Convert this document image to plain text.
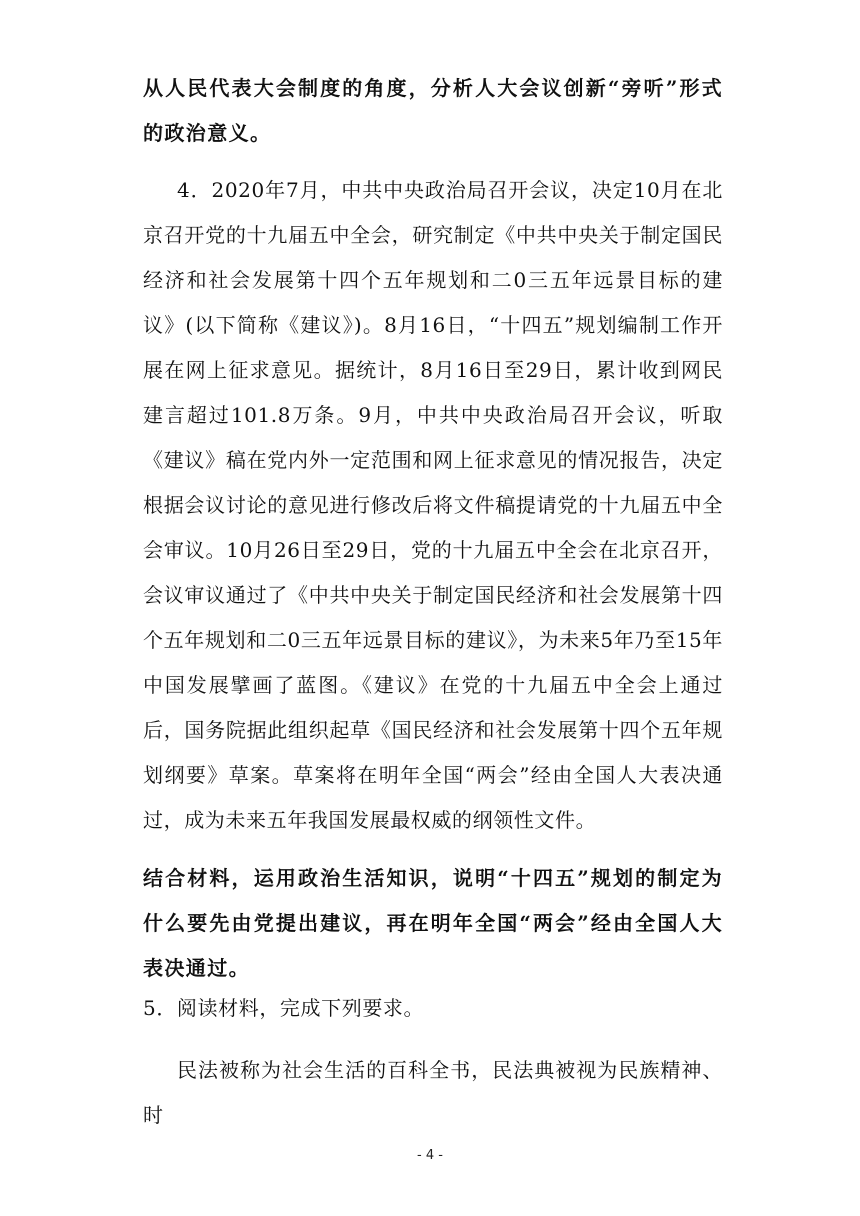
从人民代表大会制度的角度，分析人大会议创新“旁听”形式的政治意义。

4．2020年7月，中共中央政治局召开会议，决定10月在北京召开党的十九届五中全会，研究制定《中共中央关于制定国民经济和社会发展第十四个五年规划和二0三五年远景目标的建议》(以下简称《建议》)。8月16日，“十四五”规划编制工作开展在网上征求意见。据统计，8月16日至29日，累计收到网民建言超过101.8万条。9月，中共中央政治局召开会议，听取《建议》稿在党内外一定范围和网上征求意见的情况报告，决定根据会议讨论的意见进行修改后将文件稿提请党的十九届五中全会审议。10月26日至29日，党的十九届五中全会在北京召开，会议审议通过了《中共中央关于制定国民经济和社会发展第十四个五年规划和二0三五年远景目标的建议》，为未来5年乃至15年中国发展擘画了蓝图。《建议》在党的十九届五中全会上通过后，国务院据此组织起草《国民经济和社会发展第十四个五年规划纲要》草案。草案将在明年全国“两会”经由全国人大表决通过，成为未来五年我国发展最权威的纲领性文件。

结合材料，运用政治生活知识，说明“十四五”规划的制定为什么要先由党提出建议，再在明年全国“两会”经由全国人大表决通过。

5．阅读材料，完成下列要求。

民法被称为社会生活的百科全书，民法典被视为民族精神、时

- 4 -
